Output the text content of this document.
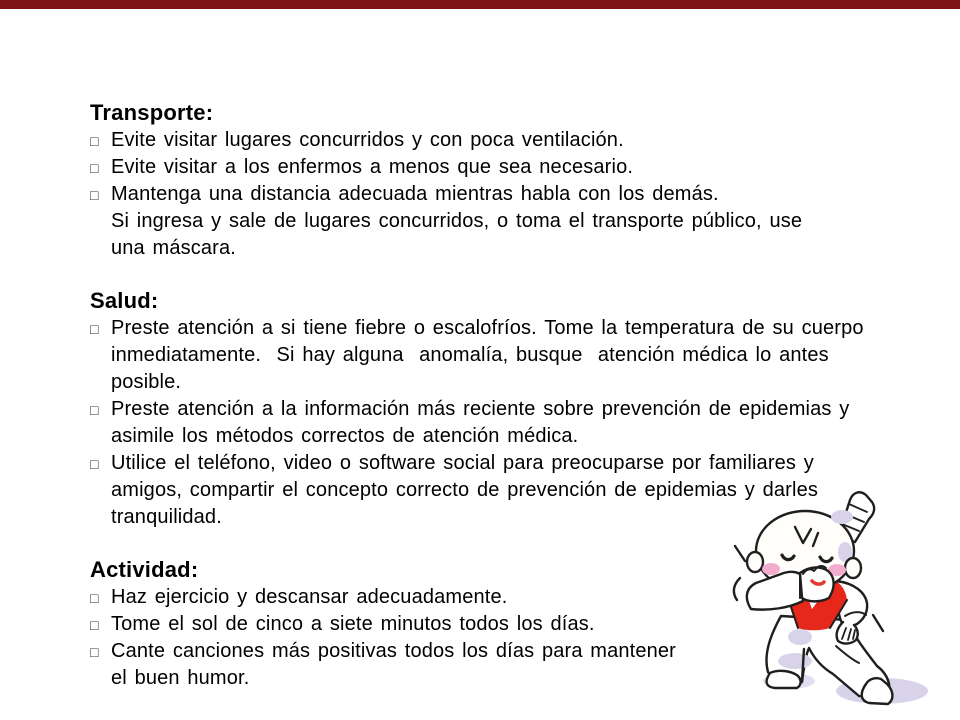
Transporte:
□ Evite visitar lugares concurridos y con poca ventilación.
□ Evite visitar a los enfermos a menos que sea necesario.
□ Mantenga una distancia adecuada mientras habla con los demás.
Si ingresa y sale de lugares concurridos, o toma el transporte público, use
una máscara.
Salud:
□ Preste atención a si tiene fiebre o escalofríos. Tome la temperatura de su cuerpo
inmediatamente.  Si hay alguna  anomalía, busque  atención médica lo antes
posible.
□ Preste atención a la información más reciente sobre prevención de epidemias y
asimile los métodos correctos de atención médica.
□ Utilice el teléfono, video o software social para preocuparse por familiares y
amigos, compartir el concepto correcto de prevención de epidemias y darles
tranquilidad.
Actividad:
□ Haz ejercicio y descansar adecuadamente.
□ Tome el sol de cinco a siete minutos todos los días.
□ Cante canciones más positivas todos los días para mantener
el buen humor.
